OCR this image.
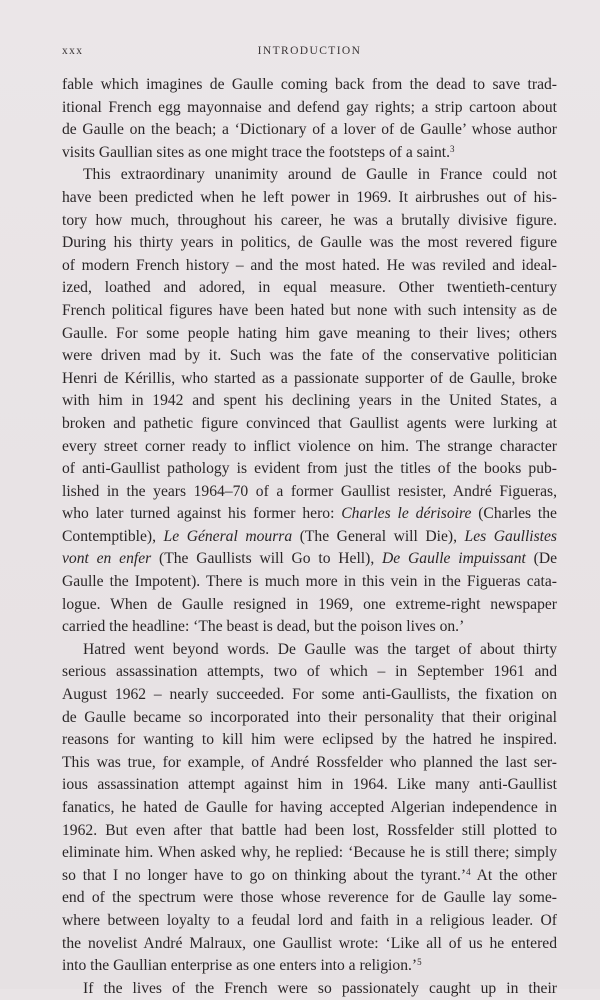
xxx	INTRODUCTION

fable which imagines de Gaulle coming back from the dead to save trad-
itional French egg mayonnaise and defend gay rights; a strip cartoon about
de Gaulle on the beach; a ‘Dictionary of a lover of de Gaulle’ whose author
visits Gaullian sites as one might trace the footsteps of a saint.$^3$

This extraordinary unanimity around de Gaulle in France could not
have been predicted when he left power in 1969. It airbrushes out of his-
tory how much, throughout his career, he was a brutally divisive figure.
During his thirty years in politics, de Gaulle was the most revered figure
of modern French history – and the most hated. He was reviled and ideal-
ized, loathed and adored, in equal measure. Other twentieth-century
French political figures have been hated but none with such intensity as de
Gaulle. For some people hating him gave meaning to their lives; others
were driven mad by it. Such was the fate of the conservative politician
Henri de Kérillis, who started as a passionate supporter of de Gaulle, broke
with him in 1942 and spent his declining years in the United States, a
broken and pathetic figure convinced that Gaullist agents were lurking at
every street corner ready to inflict violence on him. The strange character
of anti-Gaullist pathology is evident from just the titles of the books pub-
lished in the years 1964–70 of a former Gaullist resister, André Figueras,
who later turned against his former hero: Charles le dérisoire (Charles the
Contemptible), Le Géneral mourra (The General will Die), Les Gaullistes
vont en enfer (The Gaullists will Go to Hell), De Gaulle impuissant (De
Gaulle the Impotent). There is much more in this vein in the Figueras cata-
logue. When de Gaulle resigned in 1969, one extreme-right newspaper
carried the headline: ‘The beast is dead, but the poison lives on.’

Hatred went beyond words. De Gaulle was the target of about thirty
serious assassination attempts, two of which – in September 1961 and
August 1962 – nearly succeeded. For some anti-Gaullists, the fixation on
de Gaulle became so incorporated into their personality that their original
reasons for wanting to kill him were eclipsed by the hatred he inspired.
This was true, for example, of André Rossfelder who planned the last ser-
ious assassination attempt against him in 1964. Like many anti-Gaullist
fanatics, he hated de Gaulle for having accepted Algerian independence in
1962. But even after that battle had been lost, Rossfelder still plotted to
eliminate him. When asked why, he replied: ‘Because he is still there; simply
so that I no longer have to go on thinking about the tyrant.’$^4$ At the other
end of the spectrum were those whose reverence for de Gaulle lay some-
where between loyalty to a feudal lord and faith in a religious leader. Of
the novelist André Malraux, one Gaullist wrote: ‘Like all of us he entered
into the Gaullian enterprise as one enters into a religion.’$^5$

If the lives of the French were so passionately caught up in their
